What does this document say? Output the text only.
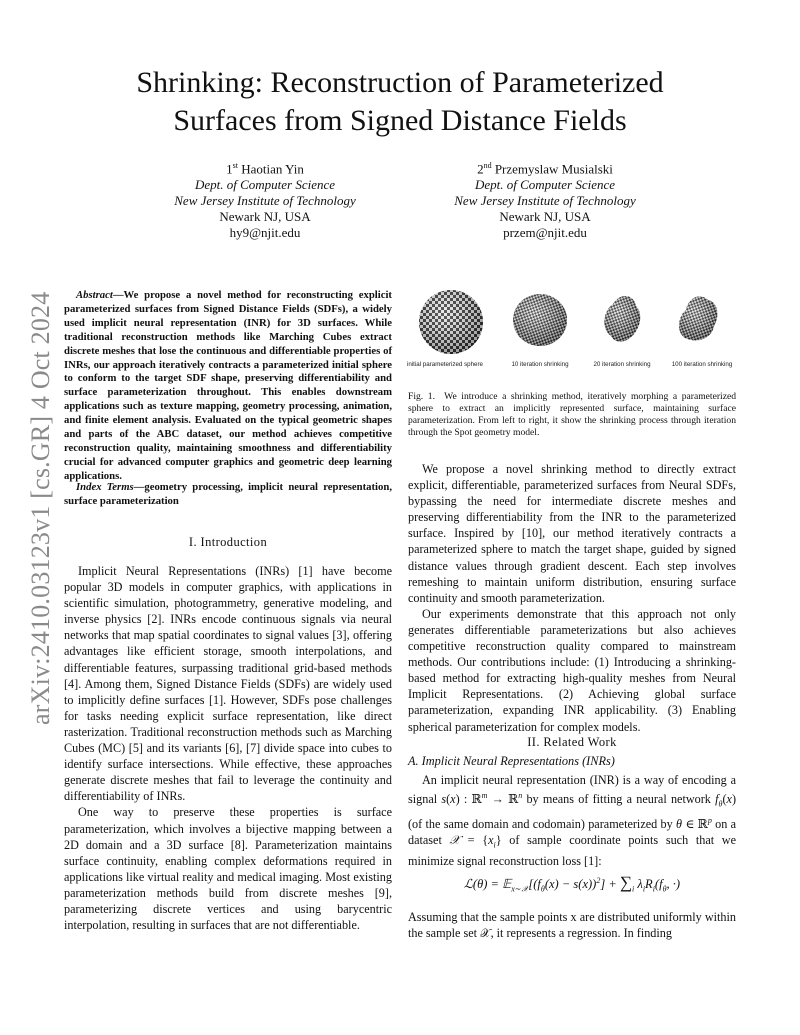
arXiv:2410.03123v1 [cs.GR] 4 Oct 2024
Shrinking: Reconstruction of Parameterized
Surfaces from Signed Distance Fields
1st Haotian Yin
Dept. of Computer Science
New Jersey Institute of Technology
Newark NJ, USA
hy9@njit.edu
2nd Przemyslaw Musialski
Dept. of Computer Science
New Jersey Institute of Technology
Newark NJ, USA
przem@njit.edu
Abstract—We propose a novel method for reconstructing explicit parameterized surfaces from Signed Distance Fields (SDFs), a widely used implicit neural representation (INR) for 3D surfaces. While traditional reconstruction methods like Marching Cubes extract discrete meshes that lose the continuous and differentiable properties of INRs, our approach iteratively contracts a parameterized initial sphere to conform to the target SDF shape, preserving differentiability and surface parameterization throughout. This enables downstream applications such as texture mapping, geometry processing, animation, and finite element analysis. Evaluated on the typical geometric shapes and parts of the ABC dataset, our method achieves competitive reconstruction quality, maintaining smoothness and differentiability crucial for advanced computer graphics and geometric deep learning applications.
Index Terms—geometry processing, implicit neural representation, surface parameterization
I. Introduction

Implicit Neural Representations (INRs) [1] have become popular 3D models in computer graphics, with applications in scientific simulation, photogrammetry, generative modeling, and inverse physics [2]. INRs encode continuous signals via neural networks that map spatial coordinates to signal values [3], offering advantages like efficient storage, smooth interpolations, and differentiable features, surpassing traditional grid-based methods [4]. Among them, Signed Distance Fields (SDFs) are widely used to implicitly define surfaces [1]. However, SDFs pose challenges for tasks needing explicit surface representation, like direct rasterization. Traditional reconstruction methods such as Marching Cubes (MC) [5] and its variants [6], [7] divide space into cubes to identify surface intersections. While effective, these approaches generate discrete meshes that fail to leverage the continuity and differentiability of INRs.

One way to preserve these properties is surface parameterization, which involves a bijective mapping between a 2D domain and a 3D surface [8]. Parameterization maintains surface continuity, enabling complex deformations required in applications like virtual reality and medical imaging. Most existing parameterization methods build from discrete meshes [9], parameterizing discrete vertices and using barycentric interpolation, resulting in surfaces that are not differentiable.

initial parameterized sphere	10 iteration shrinking	20 iteration shrinking	100 iteration shrinking
Fig. 1. We introduce a shrinking method, iteratively morphing a parameterized sphere to extract an implicitly represented surface, maintaining surface parameterization. From left to right, it show the shrinking process through iteration through the Spot geometry model.

We propose a novel shrinking method to directly extract explicit, differentiable, parameterized surfaces from Neural SDFs, bypassing the need for intermediate discrete meshes and preserving differentiability from the INR to the parameterized surface. Inspired by [10], our method iteratively contracts a parameterized sphere to match the target shape, guided by signed distance values through gradient descent. Each step involves remeshing to maintain uniform distribution, ensuring surface continuity and smooth parameterization.

Our experiments demonstrate that this approach not only generates differentiable parameterizations but also achieves competitive reconstruction quality compared to mainstream methods. Our contributions include: (1) Introducing a shrinking-based method for extracting high-quality meshes from Neural Implicit Representations. (2) Achieving global surface parameterization, expanding INR applicability. (3) Enabling spherical parameterization for complex models.

II. Related Work
A. Implicit Neural Representations (INRs)

An implicit neural representation (INR) is a way of encoding a signal s(x) : ℝ$^m$ → ℝ$^n$ by means of fitting a neural network $f_\theta(x)$ (of the same domain and codomain) parameterized by θ ∈ ℝ$^p$ on a dataset 𝒳 = $\{x_i\}$ of sample coordinate points such that we minimize signal reconstruction loss [1]:

ℒ(θ) = $𝔼_{x\sim 𝒳}[(f_\theta(x) - s(x))^2] + \sum_i$ $\lambda_iR_i(f_\theta$, ·)
Assuming that the sample points x are distributed uniformly within the sample set 𝒳, it represents a regression. In finding
